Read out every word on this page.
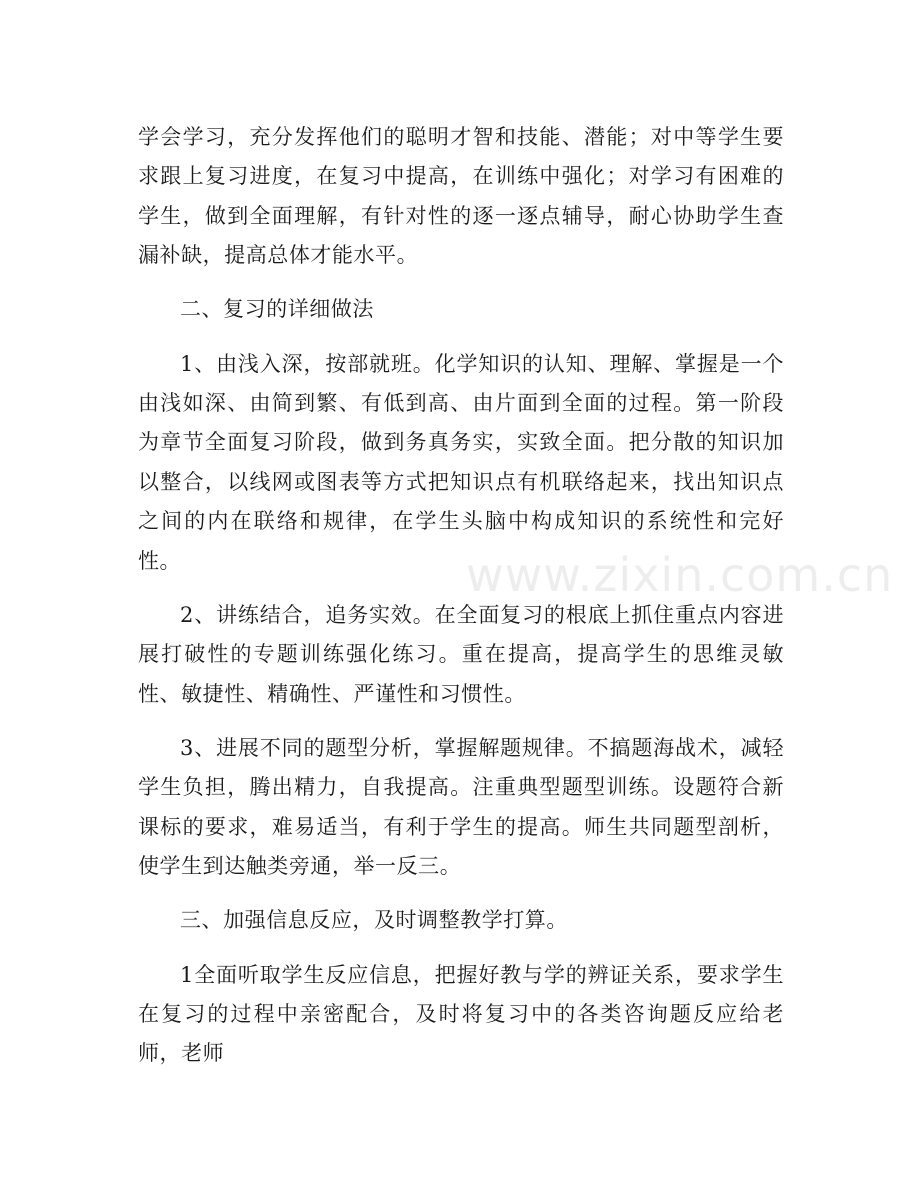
学会学习，充分发挥他们的聪明才智和技能、潜能；对中等学生要求跟上复习进度，在复习中提高，在训练中强化；对学习有困难的学生，做到全面理解，有针对性的逐一逐点辅导，耐心协助学生查漏补缺，提高总体才能水平。

二、复习的详细做法

1、由浅入深，按部就班。化学知识的认知、理解、掌握是一个由浅如深、由简到繁、有低到高、由片面到全面的过程。第一阶段为章节全面复习阶段，做到务真务实，实致全面。把分散的知识加以整合，以线网或图表等方式把知识点有机联络起来，找出知识点之间的内在联络和规律，在学生头脑中构成知识的系统性和完好性。

2、讲练结合，追务实效。在全面复习的根底上抓住重点内容进展打破性的专题训练强化练习。重在提高，提高学生的思维灵敏性、敏捷性、精确性、严谨性和习惯性。

3、进展不同的题型分析，掌握解题规律。不搞题海战术，减轻学生负担，腾出精力，自我提高。注重典型题型训练。设题符合新课标的要求，难易适当，有利于学生的提高。师生共同题型剖析，使学生到达触类旁通，举一反三。

三、加强信息反应，及时调整教学打算。

1全面听取学生反应信息，把握好教与学的辨证关系，要求学生在复习的过程中亲密配合，及时将复习中的各类咨询题反应给老师，老师

www.zixin.com.cn
